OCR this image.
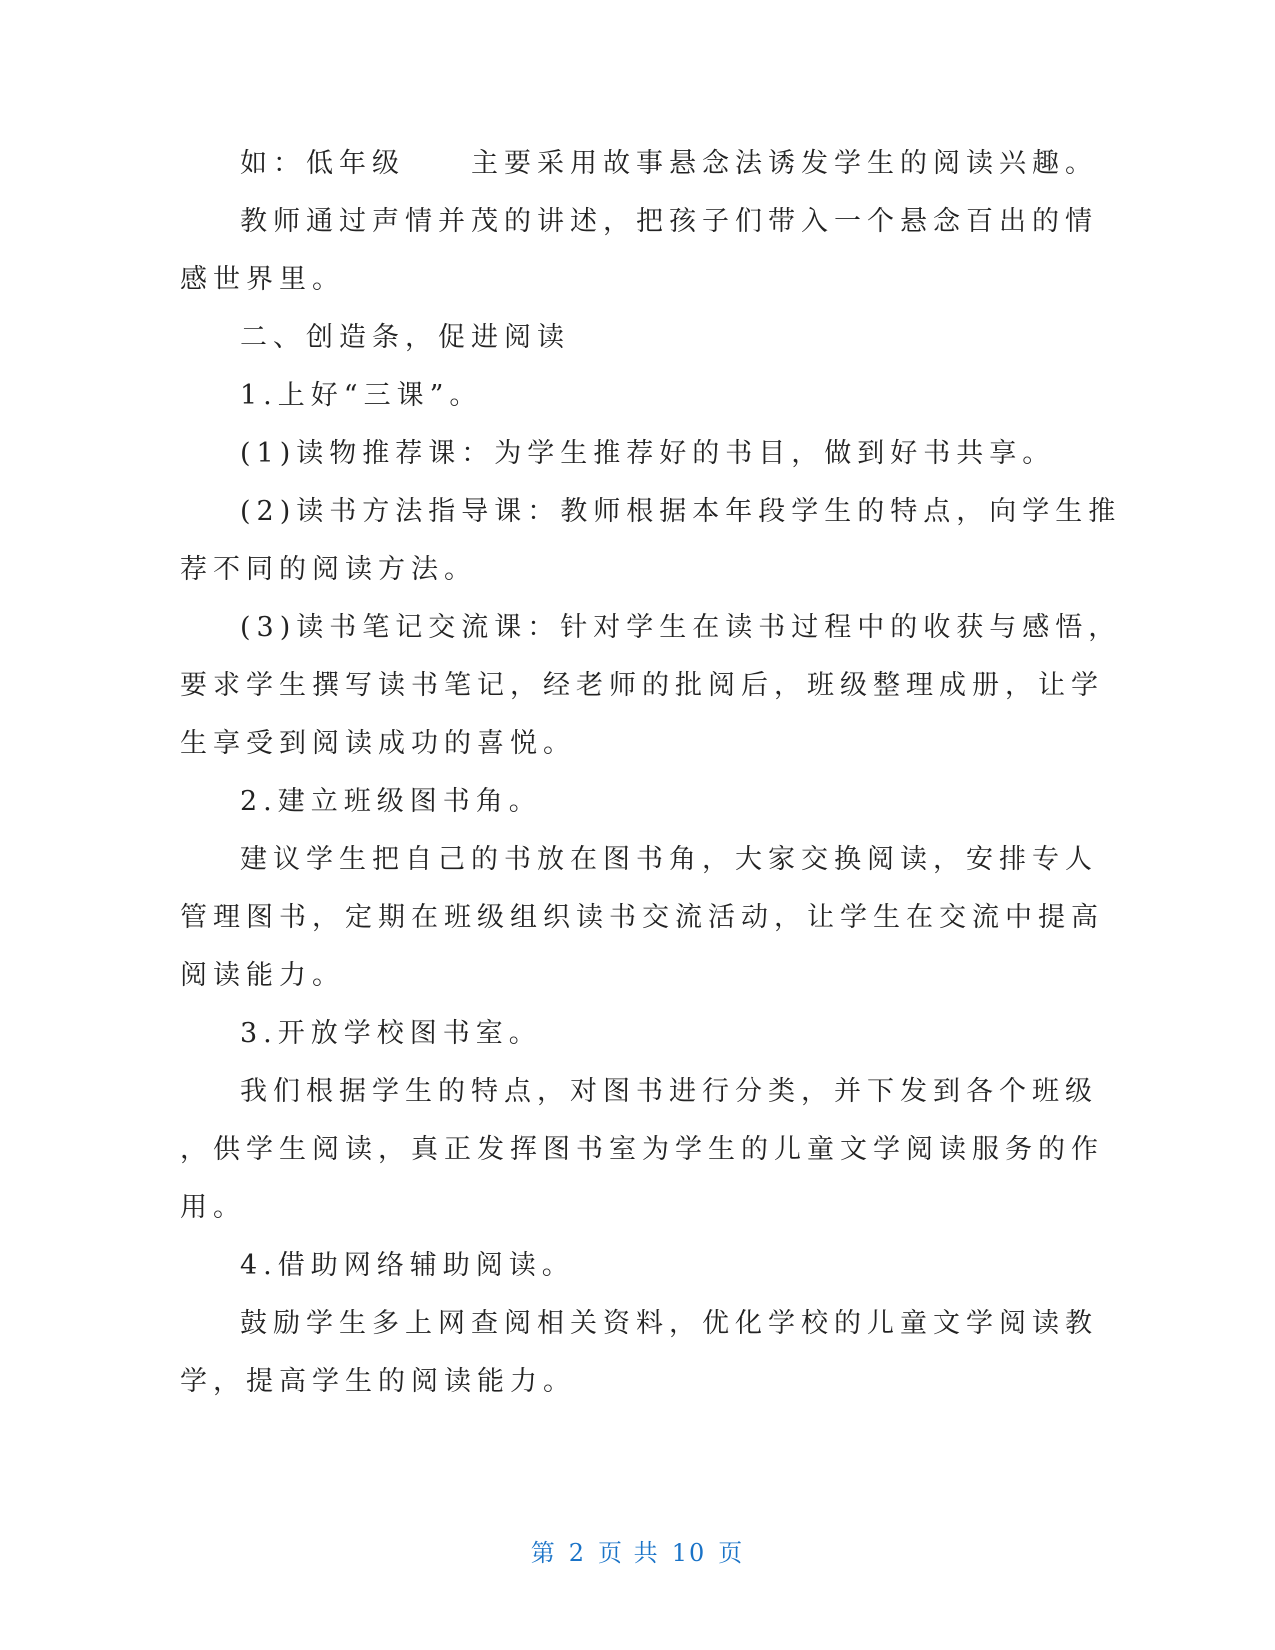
如：低年级　　主要采用故事悬念法诱发学生的阅读兴趣。
教师通过声情并茂的讲述，把孩子们带入一个悬念百出的情
感世界里。
二、创造条，促进阅读
1.上好“三课”。
(1)读物推荐课：为学生推荐好的书目，做到好书共享。
(2)读书方法指导课：教师根据本年段学生的特点，向学生推
荐不同的阅读方法。
(3)读书笔记交流课：针对学生在读书过程中的收获与感悟，
要求学生撰写读书笔记，经老师的批阅后，班级整理成册，让学
生享受到阅读成功的喜悦。
2.建立班级图书角。
建议学生把自己的书放在图书角，大家交换阅读，安排专人
管理图书，定期在班级组织读书交流活动，让学生在交流中提高
阅读能力。
3.开放学校图书室。
我们根据学生的特点，对图书进行分类，并下发到各个班级
，供学生阅读，真正发挥图书室为学生的儿童文学阅读服务的作
用。
4.借助网络辅助阅读。
鼓励学生多上网查阅相关资料，优化学校的儿童文学阅读教
学，提高学生的阅读能力。
第 2 页 共 10 页
